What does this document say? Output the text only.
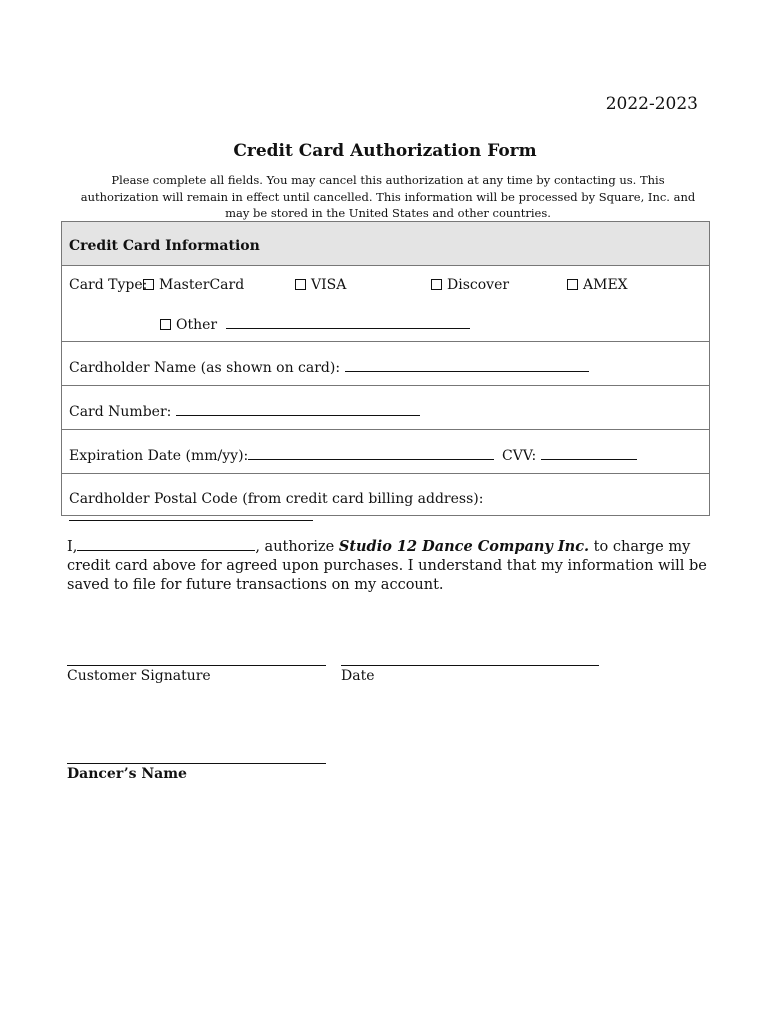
2022-2023
Credit Card Authorization Form
Please complete all fields. You may cancel this authorization at any time by contacting us. This authorization will remain in effect until cancelled. This information will be processed by Square, Inc. and may be stored in the United States and other countries.
Credit Card Information
Card Type: MasterCard	VISA	Discover	AMEX
Other
Cardholder Name (as shown on card):
Card Number:
Expiration Date (mm/yy):	CVV:
Cardholder Postal Code (from credit card billing address):
I,	, authorize Studio 12 Dance Company Inc. to charge my credit card above for agreed upon purchases. I understand that my information will be saved to file for future transactions on my account.
Customer Signature	Date
Dancer’s Name
